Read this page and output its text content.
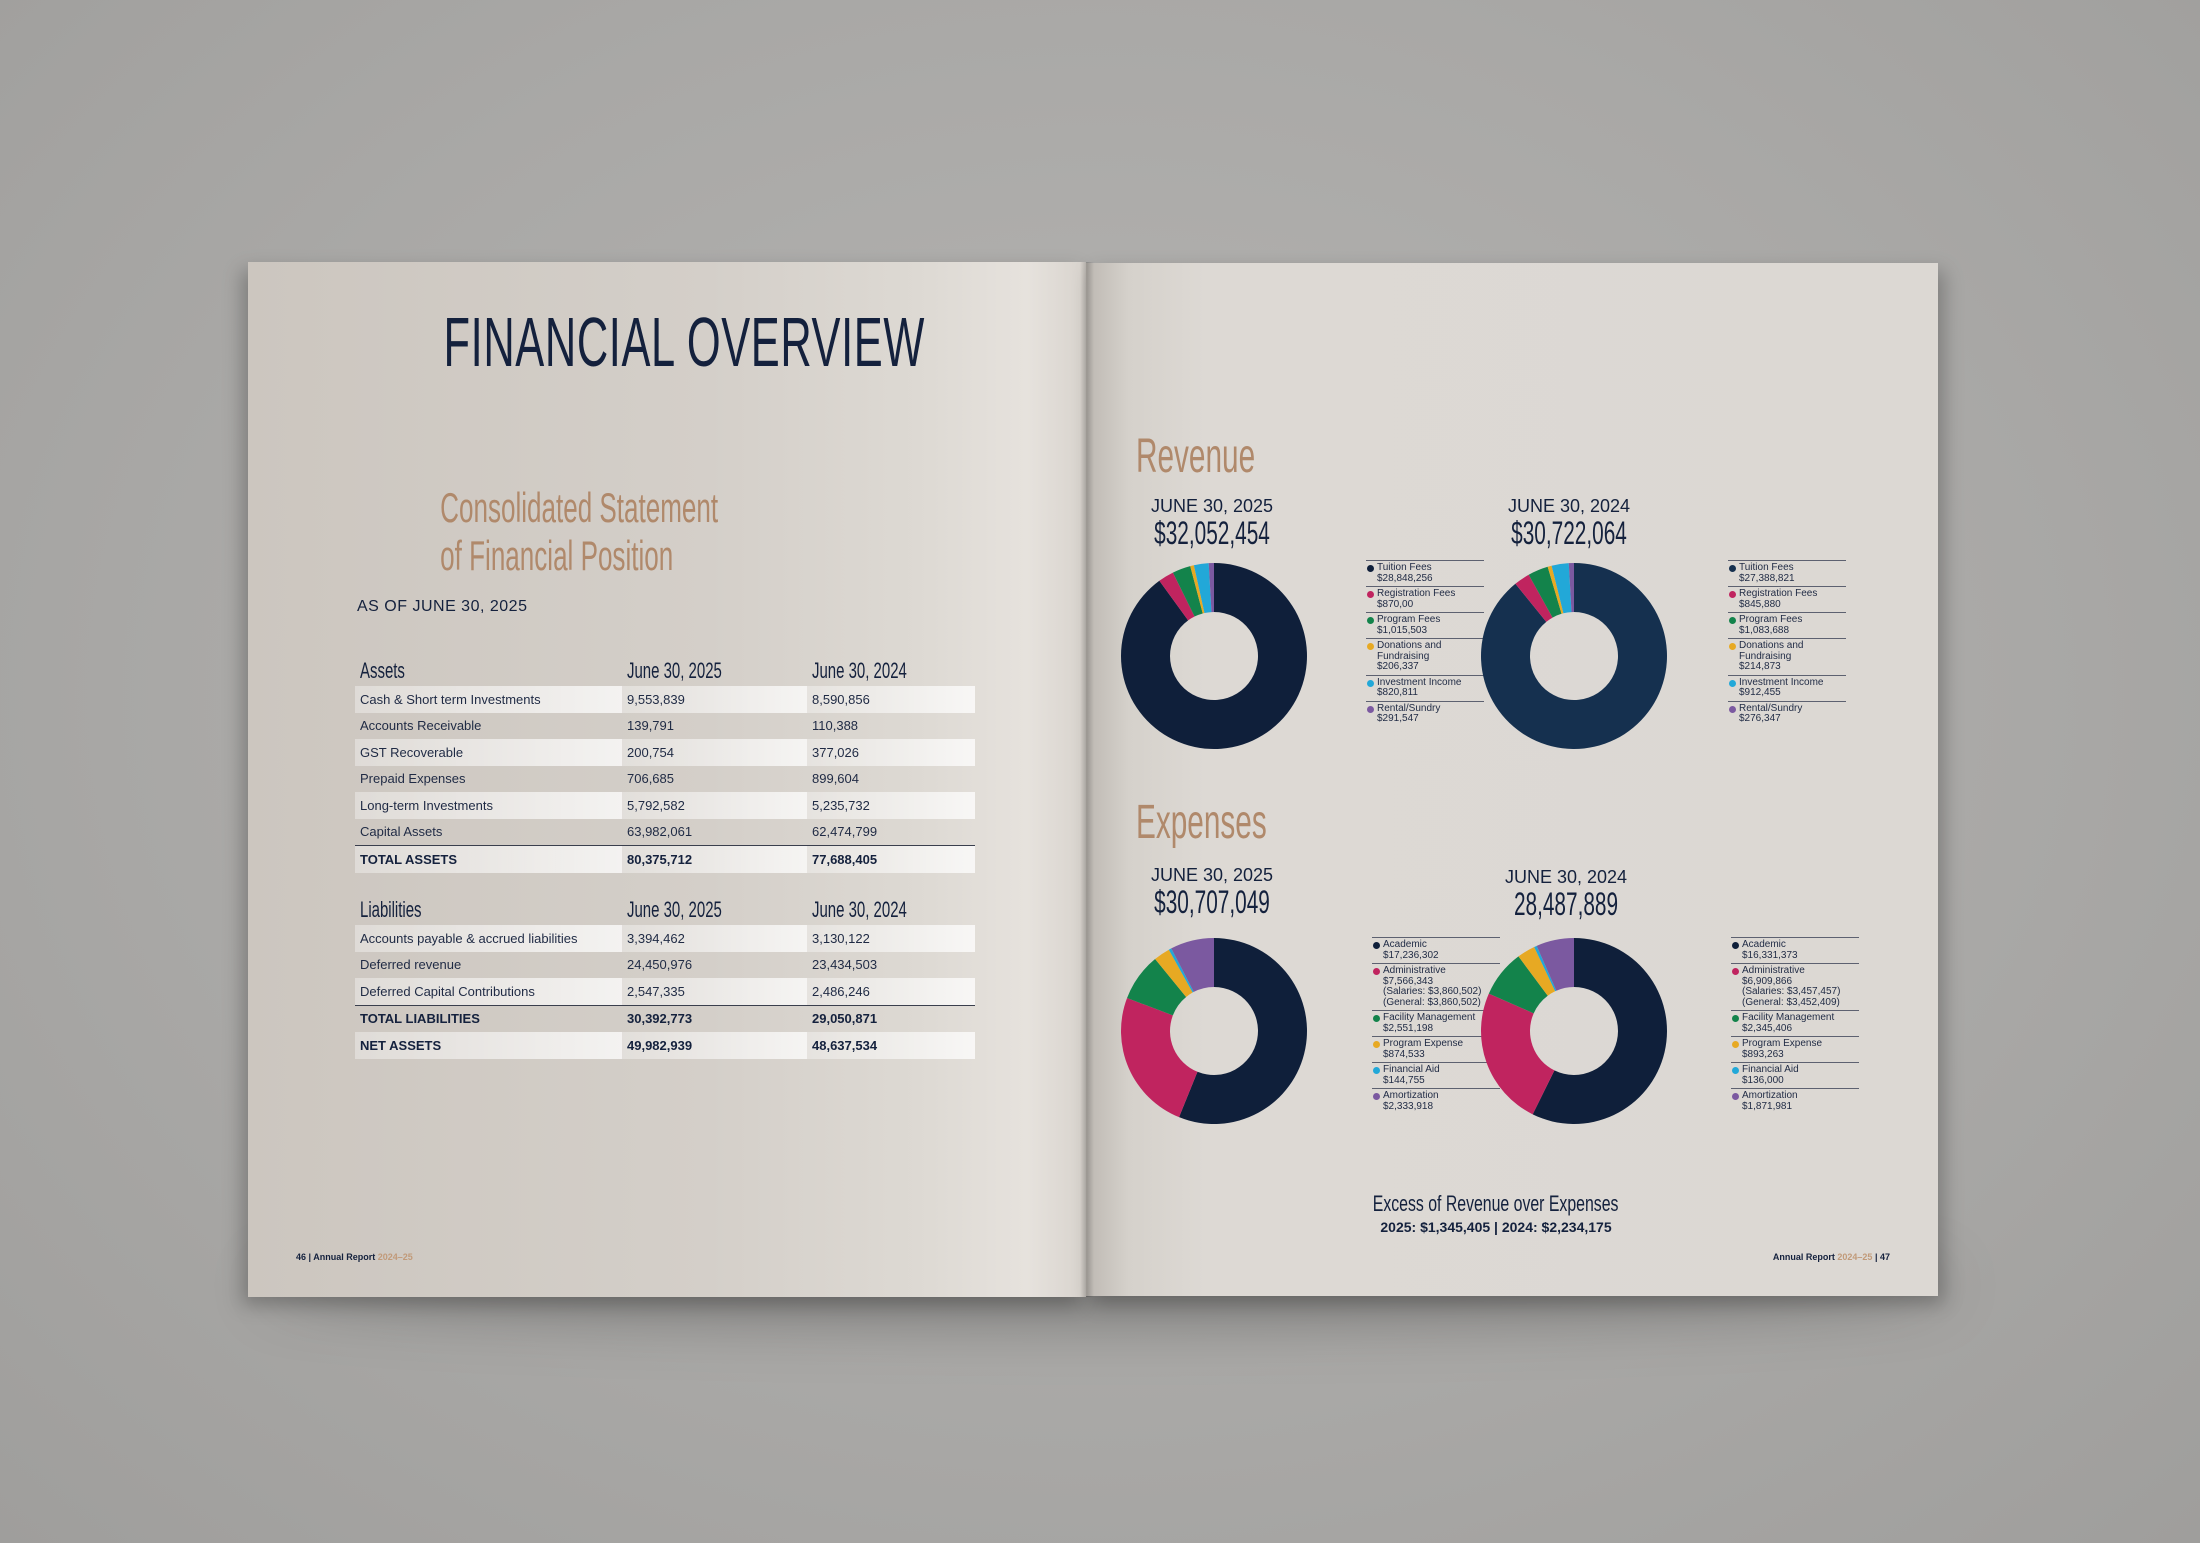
FINANCIAL OVERVIEW
Consolidated Statement
of Financial Position
AS OF JUNE 30, 2025
Assets	June 30, 2025	June 30, 2024
Cash & Short term Investments	9,553,839	8,590,856
Accounts Receivable	139,791	110,388
GST Recoverable	200,754	377,026
Prepaid Expenses	706,685	899,604
Long-term Investments	5,792,582	5,235,732
Capital Assets	63,982,061	62,474,799
TOTAL ASSETS	80,375,712	77,688,405
Liabilities	June 30, 2025	June 30, 2024
Accounts payable & accrued liabilities	3,394,462	3,130,122
Deferred revenue	24,450,976	23,434,503
Deferred Capital Contributions	2,547,335	2,486,246
TOTAL LIABILITIES	30,392,773	29,050,871
NET ASSETS	49,982,939	48,637,534
46 | Annual Report 2024–25
Revenue
Expenses
JUNE 30, 2025
$32,052,454
Tuition Fees
$28,848,256
Registration Fees
$870,00
Program Fees
$1,015,503
Donations and
Fundraising
$206,337
Investment Income
$820,811
Rental/Sundry
$291,547
JUNE 30, 2024
$30,722,064
Tuition Fees
$27,388,821
Registration Fees
$845,880
Program Fees
$1,083,688
Donations and
Fundraising
$214,873
Investment Income
$912,455
Rental/Sundry
$276,347
JUNE 30, 2025
$30,707,049
Academic
$17,236,302
Administrative
$7,566,343
(Salaries: $3,860,502)
(General: $3,860,502)
Facility Management
$2,551,198
Program Expense
$874,533
Financial Aid
$144,755
Amortization
$2,333,918
JUNE 30, 2024
28,487,889
Academic
$16,331,373
Administrative
$6,909,866
(Salaries: $3,457,457)
(General: $3,452,409)
Facility Management
$2,345,406
Program Expense
$893,263
Financial Aid
$136,000
Amortization
$1,871,981
Excess of Revenue over Expenses
2025: $1,345,405 | 2024: $2,234,175
Annual Report 2024–25 | 47
